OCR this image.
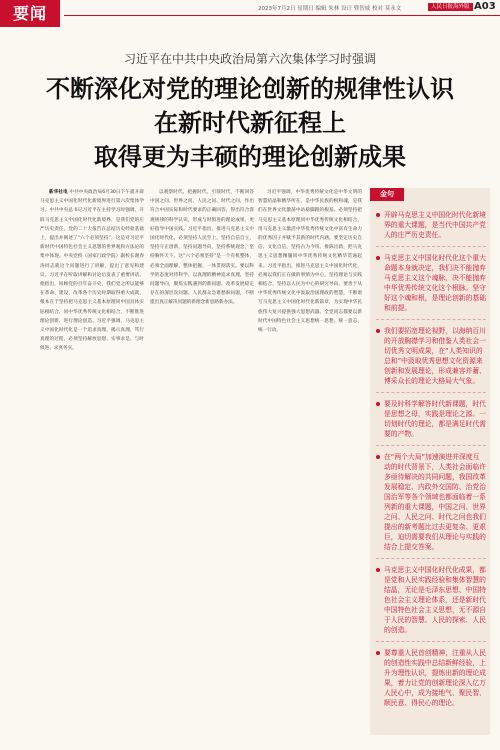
要闻	2023年7月2日 星期日 编辑 朱林 设计 暨智威 校对 莫永文	人民日报海外版 A03
习近平在中共中央政治局第六次集体学习时强调
不断深化对党的理论创新的规律性认识
在新时代新征程上
取得更为丰硕的理论创新成果

新华社电 中共中央政治局6月30日下午就开辟马克思主义中国化时代化新境界进行第六次集体学习。中共中央总书记习近平在主持学习时强调，开辟马克思主义中国化时代化新境界，是我们党的庄严历史责任。党的二十大报告在总结历史经验基础上，提出并阐述了“六个必须坚持”，这是对习近平新时代中国特色社会主义思想的世界观和方法论的集中体现。中央党校（国家行政学院）副校长谢春涛同志就这个问题进行了讲解，提出了意见和建议。习近平在听取讲解和讨论后发表了重要讲话。他指出，回顾党的百年奋斗史，我们党之所以能够在革命、建设、改革各个历史时期取得重大成就，根本在于坚持把马克思主义基本原理同中国具体实际相结合、同中华优秀传统文化相结合，不断推进理论创新、进行理论创造。习近平强调，马克思主义中国化时代化是一个追求真理、揭示真理、笃行真理的过程，必须坚持解放思想、实事求是、与时俱进、求真务实。

以观察时代、把握时代、引领时代，不断回答中国之问、世界之问、人民之问、时代之问，作出符合中国实际和时代要求的正确回答，得出符合客观规律的科学认识，形成与时俱进的理论成果，更好指导中国实践。习近平指出，推进马克思主义中国化时代化，必须坚持人民至上，坚持自信自立，坚持守正创新，坚持问题导向，坚持系统观念，坚持胸怀天下。这“六个必须坚持”是一个有机整体，必须全面理解、整体把握、一体贯彻落实。要以科学的态度对待科学、以真理的精神追求真理，坚持问题导向，聚焦实践遇到的新问题、改革发展稳定存在的深层次问题、人民群众急难愁盼问题，不断提出真正解决问题的新理念新思路新办法。

习近平强调，中华优秀传统文化是中华文明的智慧结晶和精华所在，是中华民族的根和魂，是我们在世界文化激荡中站稳脚跟的根基。必须坚持把马克思主义基本原理同中华优秀传统文化相结合，用马克思主义激活中华优秀传统文化中富有生命力的优秀因子并赋予其新的时代内涵。要坚定历史自信、文化自信，坚持古为今用、推陈出新，把马克思主义思想精髓同中华优秀传统文化精华贯通起来。习近平指出，推进马克思主义中国化时代化，必须以我们正在做的事情为中心，坚持理论与实践相结合，坚持以人民为中心的研究导向。要善于从中华优秀传统文化中汲取治国理政的智慧，不断谱写马克思主义中国化时代化新篇章，为实现中华民族伟大复兴提供强大思想武器。全党同志都要以新时代中国特色社会主义思想统一思想、统一意志、统一行动。

金句
开辟马克思主义中国化时代化新境界的重大课题，是当代中国共产党人的庄严历史责任。
马克思主义中国化时代化这个重大命题本身就决定，我们决不能抛弃马克思主义这个魂脉，决不能抛弃中华优秀传统文化这个根脉。坚守好这个魂和根，是理论创新的基础和前提。
我们要拓宽理论视野，以海纳百川的开放胸襟学习和借鉴人类社会一切优秀文明成果，在“人类知识的总和”中汲取优秀思想文化资源来创新和发展理论，形成兼容并蓄、博采众长的理论大格局大气象。
要及时科学解答时代新课题，时代是思想之母，实践是理论之源。一切划时代的理论，都是满足时代需要的产物。
在“两个大局”加速演进并深度互动的时代背景下，人类社会面临许多亟待解决的共同问题，我国改革发展稳定、内政外交国防、治党治国治军等各个领域也都面临着一系列新的重大课题，中国之问、世界之问、人民之问、时代之问也我们提出的新考题比过去更复杂、更艰巨，迫切需要我们从理论与实践的结合上提交答案。
马克思主义中国化时代化成果，都是党和人民实践经验和集体智慧的结晶，无论是毛泽东思想、中国特色社会主义理论体系，还是新时代中国特色社会主义思想，无不源自于人民的智慧、人民的探索、人民的创造。
要尊重人民首创精神，注重从人民的创造性实践中总结新鲜经验，上升为理性认识，提炼出新的理论成果，着力让党的创新理论深入亿万人民心中，成为接地气、聚民智、顺民意、得民心的理论。
